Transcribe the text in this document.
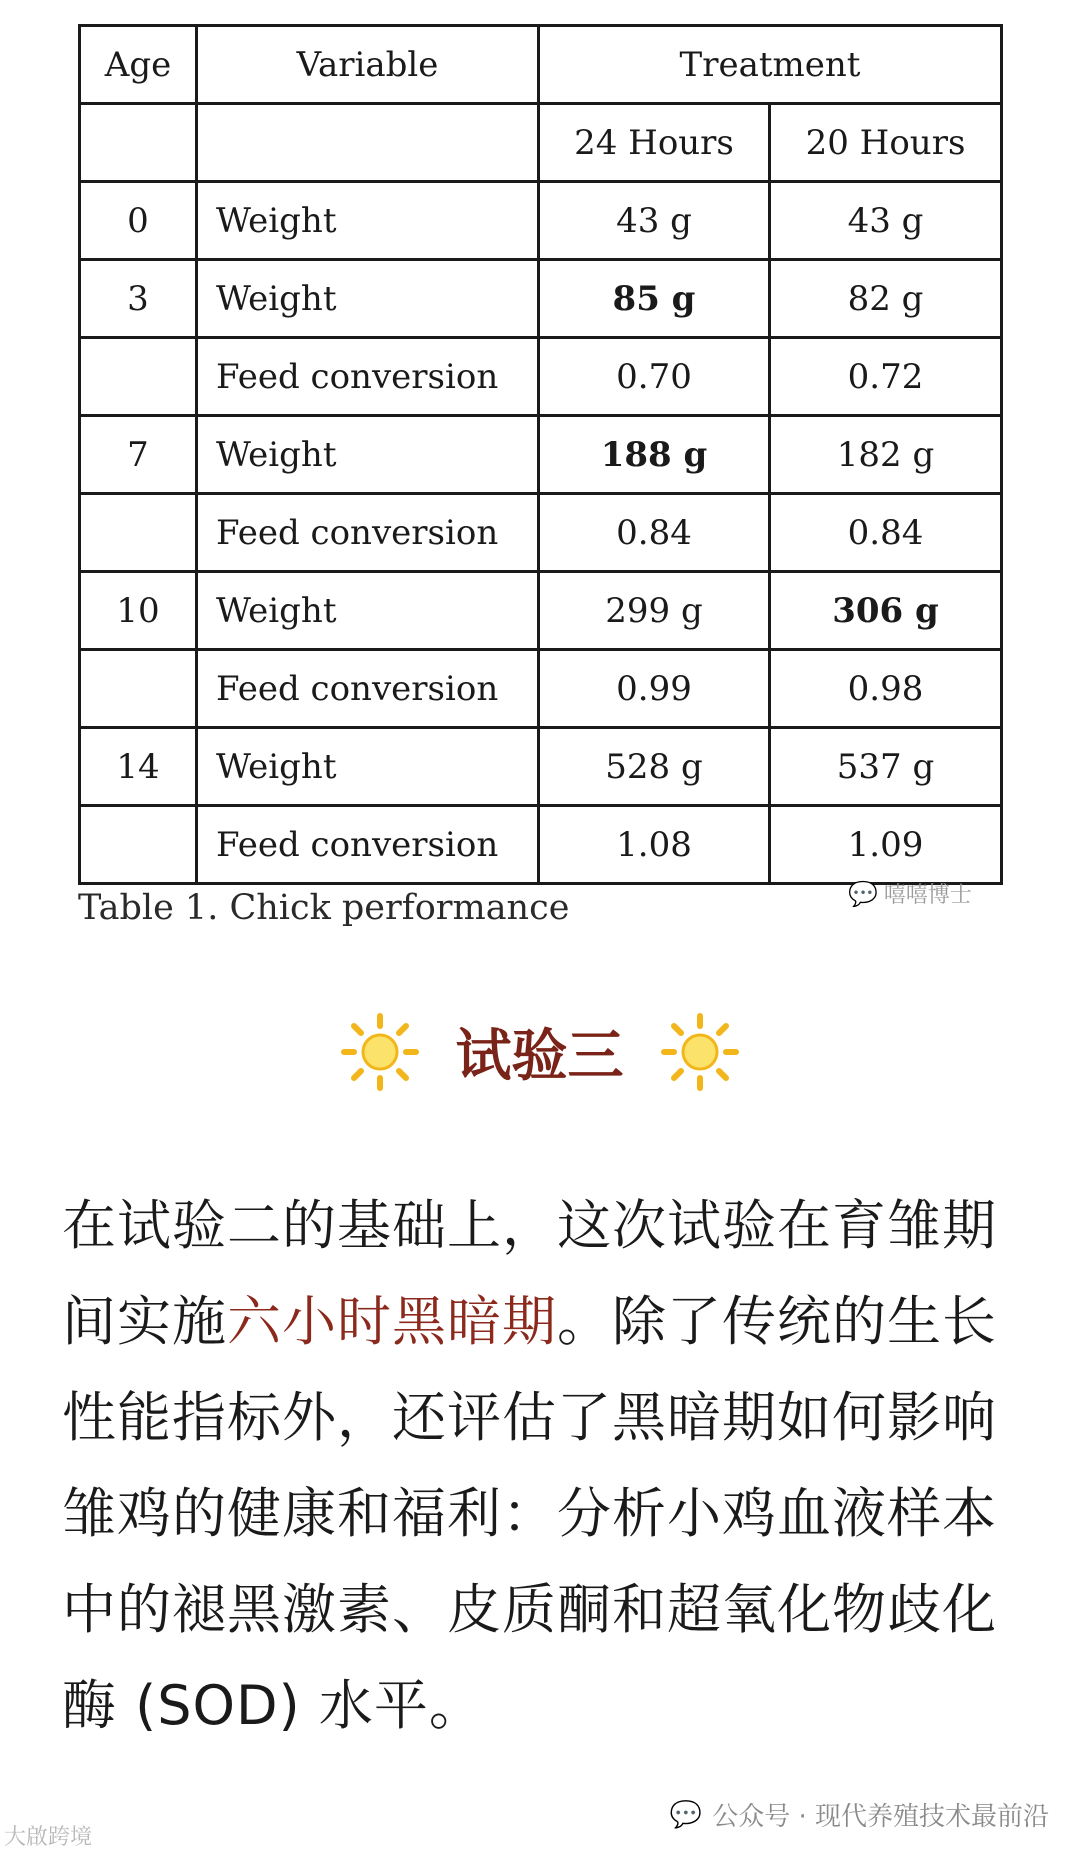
Age	Variable	Treatment	
		24 Hours	20 Hours
0	Weight	43 g	43 g
3	Weight	85 g	82 g
	Feed conversion	0.70	0.72
7	Weight	188 g	182 g
	Feed conversion	0.84	0.84
10	Weight	299 g	306 g
	Feed conversion	0.99	0.98
14	Weight	528 g	537 g
	Feed conversion	1.08	1.09
Table 1. Chick performance	💬 嘻嘻博士
试验三
在试验二的基础上，这次试验在育雏期间实施六小时黑暗期。除了传统的生长性能指标外，还评估了黑暗期如何影响雏鸡的健康和福利：分析小鸡血液样本中的褪黑激素、皮质酮和超氧化物歧化酶 (SOD) 水平。
💬 公众号 · 现代养殖技术最前沿
大啟跨境
